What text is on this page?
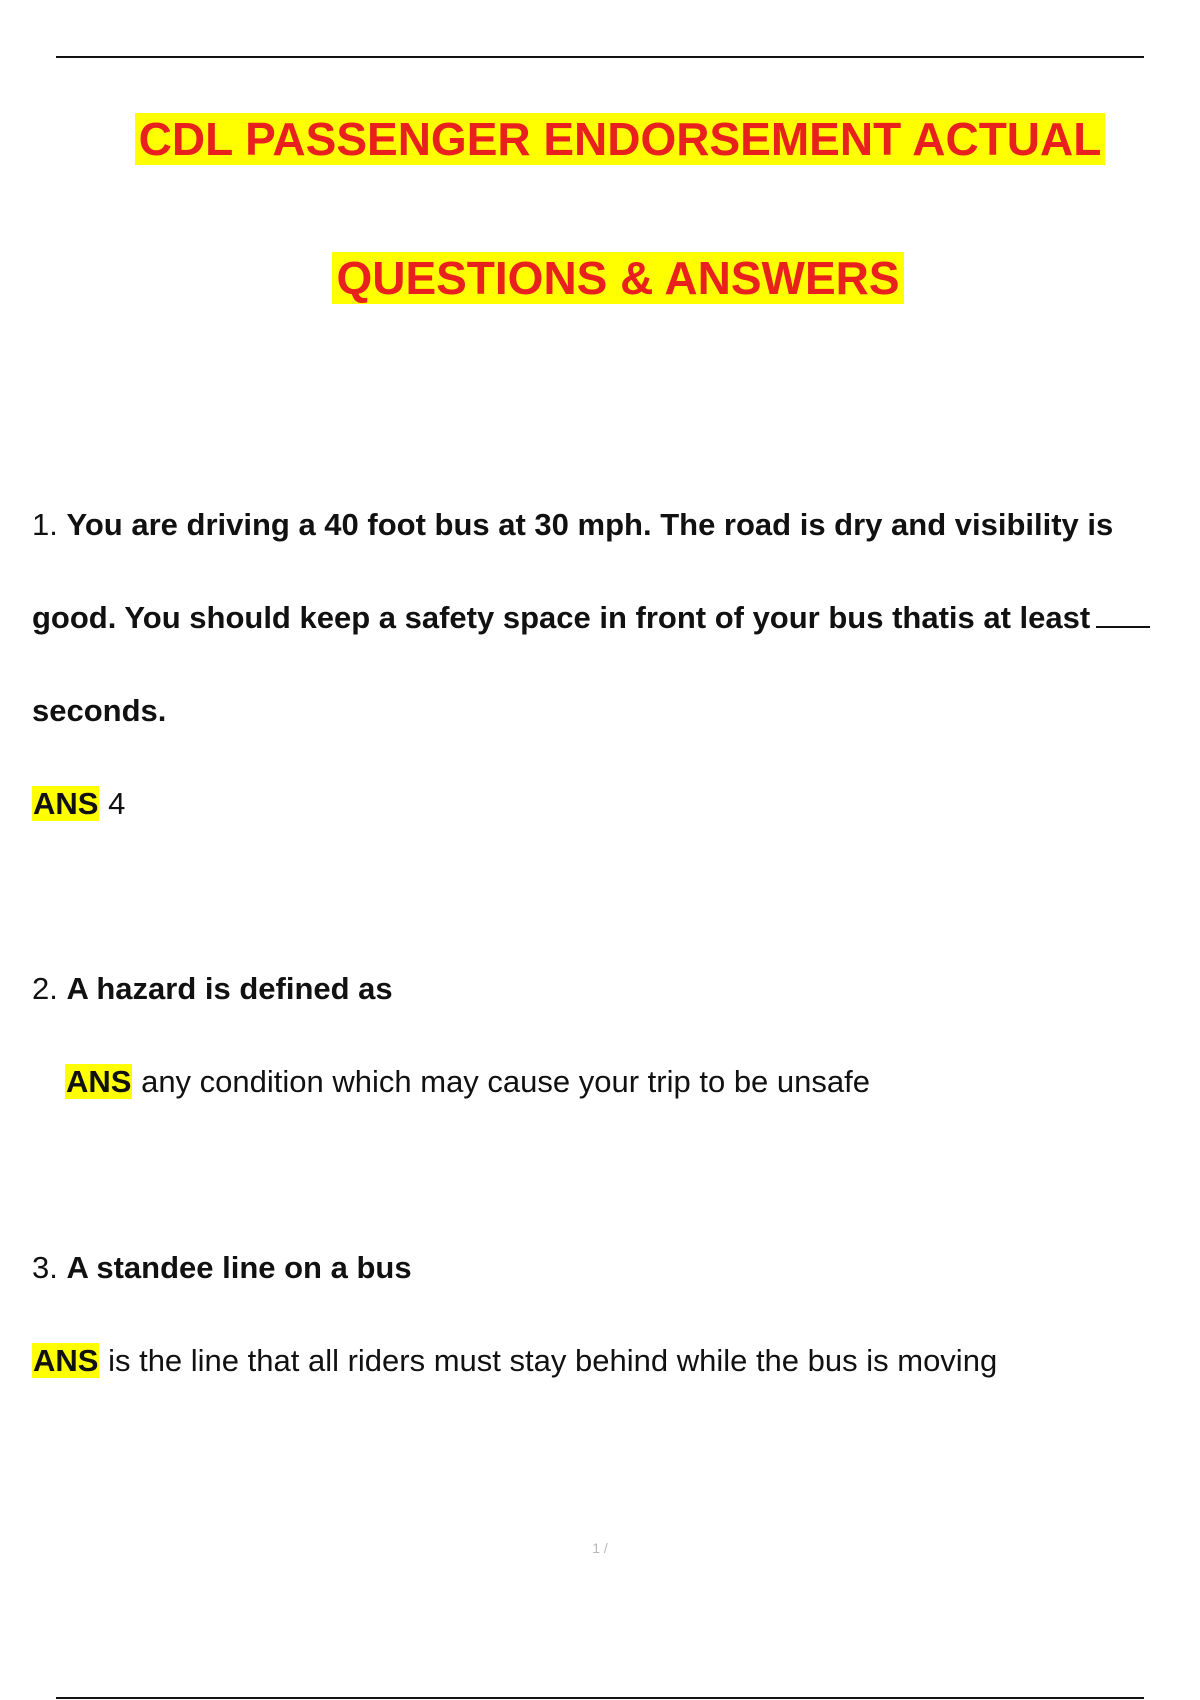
CDL PASSENGER ENDORSEMENT ACTUAL
QUESTIONS & ANSWERS
1. You are driving a 40 foot bus at 30 mph. The road is dry and visibility is
good. You should keep a safety space in front of your bus thatis at least
seconds.
ANS 4
2. A hazard is defined as
ANS any condition which may cause your trip to be unsafe
3. A standee line on a bus
ANS is the line that all riders must stay behind while the bus is moving
1 /
